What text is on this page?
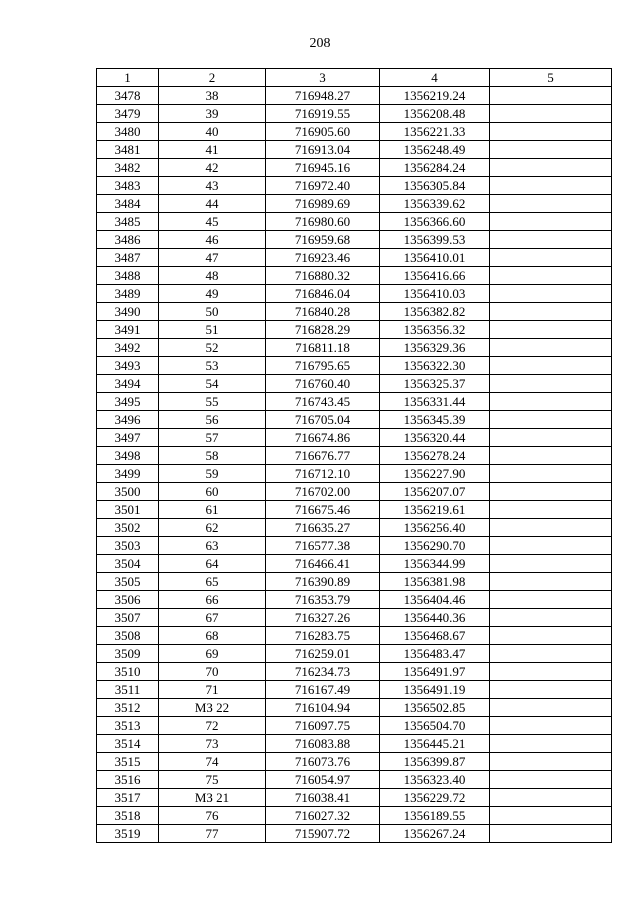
208
1	2	3	4	5
3478	38	716948.27	1356219.24	
3479	39	716919.55	1356208.48	
3480	40	716905.60	1356221.33	
3481	41	716913.04	1356248.49	
3482	42	716945.16	1356284.24	
3483	43	716972.40	1356305.84	
3484	44	716989.69	1356339.62	
3485	45	716980.60	1356366.60	
3486	46	716959.68	1356399.53	
3487	47	716923.46	1356410.01	
3488	48	716880.32	1356416.66	
3489	49	716846.04	1356410.03	
3490	50	716840.28	1356382.82	
3491	51	716828.29	1356356.32	
3492	52	716811.18	1356329.36	
3493	53	716795.65	1356322.30	
3494	54	716760.40	1356325.37	
3495	55	716743.45	1356331.44	
3496	56	716705.04	1356345.39	
3497	57	716674.86	1356320.44	
3498	58	716676.77	1356278.24	
3499	59	716712.10	1356227.90	
3500	60	716702.00	1356207.07	
3501	61	716675.46	1356219.61	
3502	62	716635.27	1356256.40	
3503	63	716577.38	1356290.70	
3504	64	716466.41	1356344.99	
3505	65	716390.89	1356381.98	
3506	66	716353.79	1356404.46	
3507	67	716327.26	1356440.36	
3508	68	716283.75	1356468.67	
3509	69	716259.01	1356483.47	
3510	70	716234.73	1356491.97	
3511	71	716167.49	1356491.19	
3512	МЗ 22	716104.94	1356502.85	
3513	72	716097.75	1356504.70	
3514	73	716083.88	1356445.21	
3515	74	716073.76	1356399.87	
3516	75	716054.97	1356323.40	
3517	МЗ 21	716038.41	1356229.72	
3518	76	716027.32	1356189.55	
3519	77	715907.72	1356267.24	
